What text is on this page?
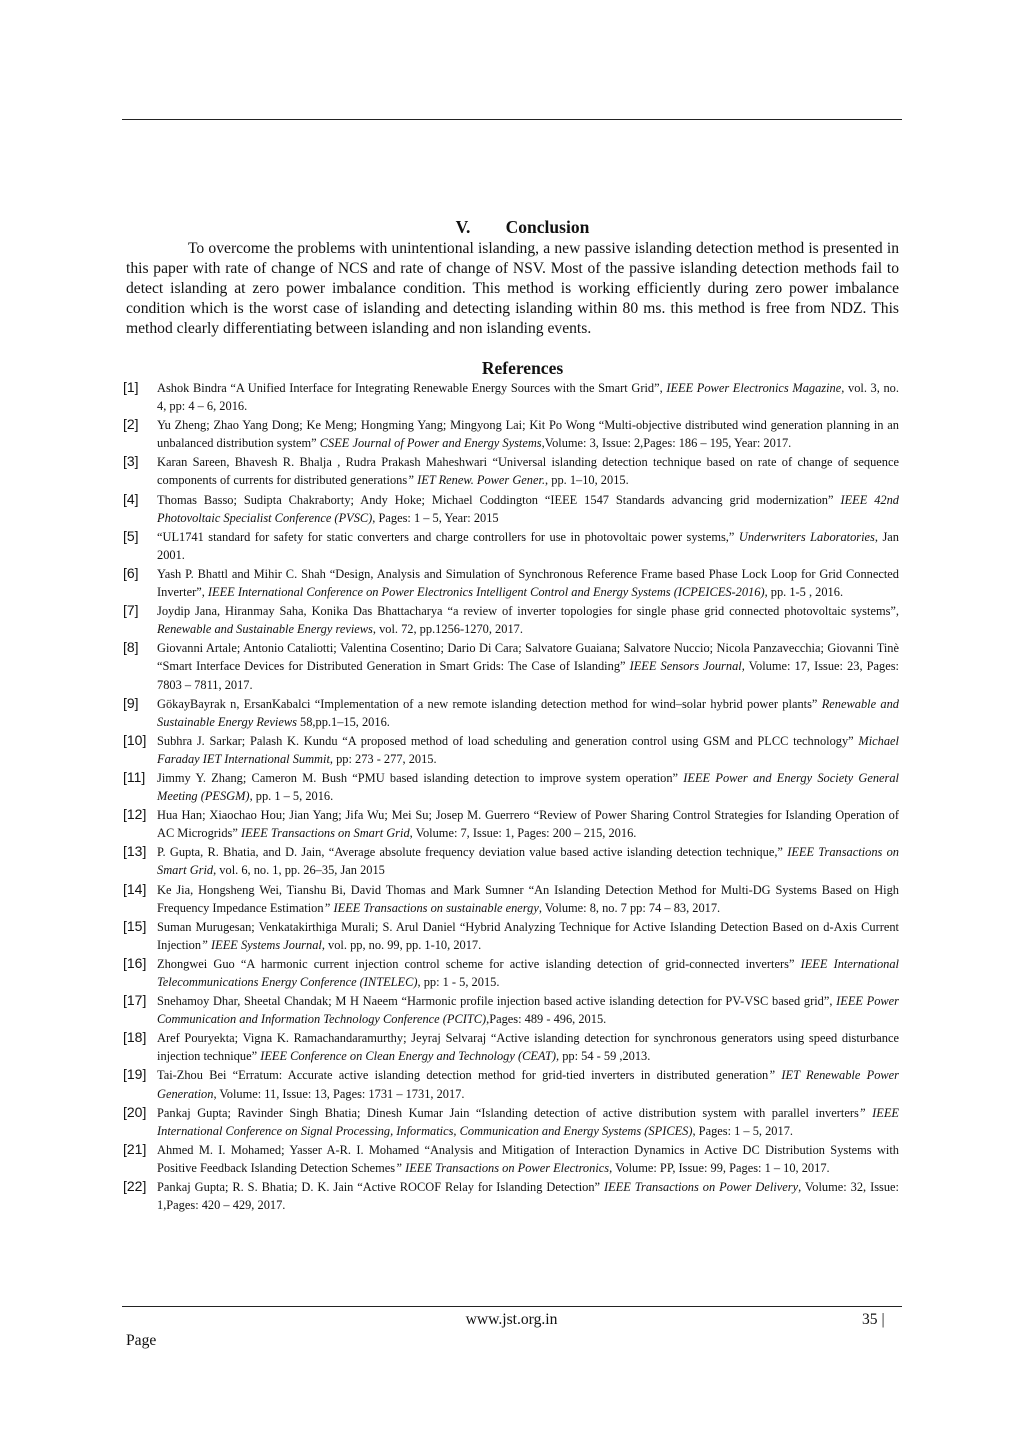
V. Conclusion

To overcome the problems with unintentional islanding, a new passive islanding detection method is presented in this paper with rate of change of NCS and rate of change of NSV. Most of the passive islanding detection methods fail to detect islanding at zero power imbalance condition. This method is working efficiently during zero power imbalance condition which is the worst case of islanding and detecting islanding within 80 ms. this method is free from NDZ. This method clearly differentiating between islanding and non islanding events.

References
[1] Ashok Bindra “A Unified Interface for Integrating Renewable Energy Sources with the Smart Grid”, IEEE Power Electronics Magazine, vol. 3, no. 4, pp: 4 – 6, 2016.
[2] Yu Zheng; Zhao Yang Dong; Ke Meng; Hongming Yang; Mingyong Lai; Kit Po Wong “Multi-objective distributed wind generation planning in an unbalanced distribution system” CSEE Journal of Power and Energy Systems,Volume: 3, Issue: 2,Pages: 186 – 195, Year: 2017.
[3] Karan Sareen, Bhavesh R. Bhalja , Rudra Prakash Maheshwari “Universal islanding detection technique based on rate of change of sequence components of currents for distributed generations” IET Renew. Power Gener., pp. 1–10, 2015.
[4] Thomas Basso; Sudipta Chakraborty; Andy Hoke; Michael Coddington “IEEE 1547 Standards advancing grid modernization” IEEE 42nd Photovoltaic Specialist Conference (PVSC), Pages: 1 – 5, Year: 2015
[5] “UL1741 standard for safety for static converters and charge controllers for use in photovoltaic power systems,” Underwriters Laboratories, Jan 2001.
[6] Yash P. Bhattl and Mihir C. Shah “Design, Analysis and Simulation of Synchronous Reference Frame based Phase Lock Loop for Grid Connected Inverter”, IEEE International Conference on Power Electronics Intelligent Control and Energy Systems (ICPEICES-2016), pp. 1-5 , 2016.
[7] Joydip Jana, Hiranmay Saha, Konika Das Bhattacharya “a review of inverter topologies for single phase grid connected photovoltaic systems”, Renewable and Sustainable Energy reviews, vol. 72, pp.1256-1270, 2017.
[8] Giovanni Artale; Antonio Cataliotti; Valentina Cosentino; Dario Di Cara; Salvatore Guaiana; Salvatore Nuccio; Nicola Panzavecchia; Giovanni Tinè “Smart Interface Devices for Distributed Generation in Smart Grids: The Case of Islanding” IEEE Sensors Journal, Volume: 17, Issue: 23, Pages: 7803 – 7811, 2017.
[9] GökayBayrak n, ErsanKabalci “Implementation of a new remote islanding detection method for wind–solar hybrid power plants” Renewable and Sustainable Energy Reviews 58,pp.1–15, 2016.
[10] Subhra J. Sarkar; Palash K. Kundu “A proposed method of load scheduling and generation control using GSM and PLCC technology” Michael Faraday IET International Summit, pp: 273 - 277, 2015.
[11] Jimmy Y. Zhang; Cameron M. Bush “PMU based islanding detection to improve system operation” IEEE Power and Energy Society General Meeting (PESGM), pp. 1 – 5, 2016.
[12] Hua Han; Xiaochao Hou; Jian Yang; Jifa Wu; Mei Su; Josep M. Guerrero “Review of Power Sharing Control Strategies for Islanding Operation of AC Microgrids” IEEE Transactions on Smart Grid, Volume: 7, Issue: 1, Pages: 200 – 215, 2016.
[13] P. Gupta, R. Bhatia, and D. Jain, “Average absolute frequency deviation value based active islanding detection technique,” IEEE Transactions on Smart Grid, vol. 6, no. 1, pp. 26–35, Jan 2015
[14] Ke Jia, Hongsheng Wei, Tianshu Bi, David Thomas and Mark Sumner “An Islanding Detection Method for Multi-DG Systems Based on High Frequency Impedance Estimation” IEEE Transactions on sustainable energy, Volume: 8, no. 7 pp: 74 – 83, 2017.
[15] Suman Murugesan; Venkatakirthiga Murali; S. Arul Daniel “Hybrid Analyzing Technique for Active Islanding Detection Based on d-Axis Current Injection” IEEE Systems Journal, vol. pp, no. 99, pp. 1-10, 2017.
[16] Zhongwei Guo “A harmonic current injection control scheme for active islanding detection of grid-connected inverters” IEEE International Telecommunications Energy Conference (INTELEC), pp: 1 - 5, 2015.
[17] Snehamoy Dhar, Sheetal Chandak; M H Naeem “Harmonic profile injection based active islanding detection for PV-VSC based grid”, IEEE Power Communication and Information Technology Conference (PCITC),Pages: 489 - 496, 2015.
[18] Aref Pouryekta; Vigna K. Ramachandaramurthy; Jeyraj Selvaraj “Active islanding detection for synchronous generators using speed disturbance injection technique” IEEE Conference on Clean Energy and Technology (CEAT), pp: 54 - 59 ,2013.
[19] Tai-Zhou Bei “Erratum: Accurate active islanding detection method for grid-tied inverters in distributed generation” IET Renewable Power Generation, Volume: 11, Issue: 13, Pages: 1731 – 1731, 2017.
[20] Pankaj Gupta; Ravinder Singh Bhatia; Dinesh Kumar Jain “Islanding detection of active distribution system with parallel inverters” IEEE International Conference on Signal Processing, Informatics, Communication and Energy Systems (SPICES), Pages: 1 – 5, 2017.
[21] Ahmed M. I. Mohamed; Yasser A-R. I. Mohamed “Analysis and Mitigation of Interaction Dynamics in Active DC Distribution Systems with Positive Feedback Islanding Detection Schemes” IEEE Transactions on Power Electronics, Volume: PP, Issue: 99, Pages: 1 – 10, 2017.
[22] Pankaj Gupta; R. S. Bhatia; D. K. Jain “Active ROCOF Relay for Islanding Detection” IEEE Transactions on Power Delivery, Volume: 32, Issue: 1,Pages: 420 – 429, 2017.
www.jst.org.in	35 |
Page
